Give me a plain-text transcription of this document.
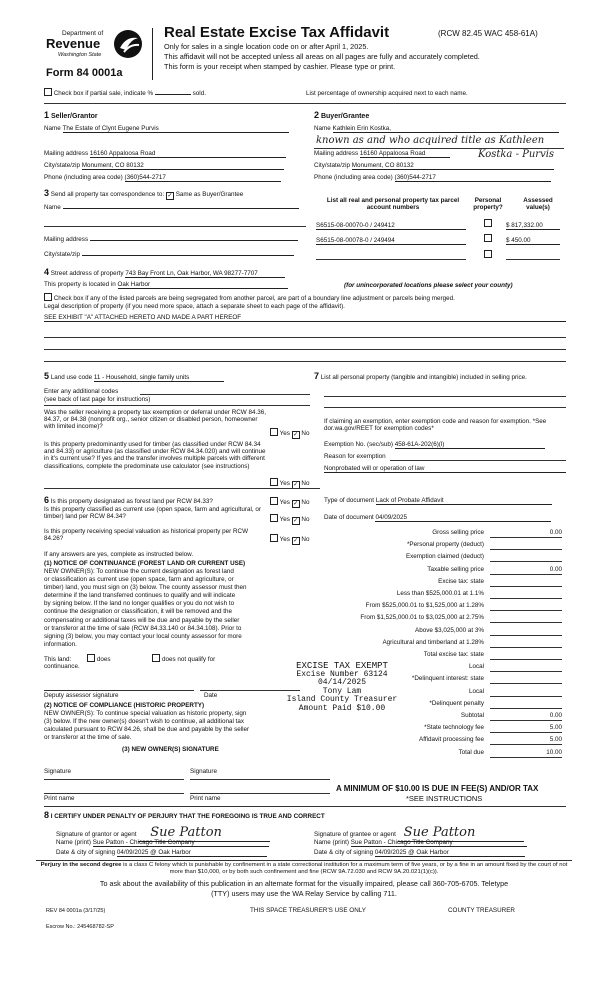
Department of
Revenue
Washington State
Form 84 0001a
Real Estate Excise Tax Affidavit	(RCW 82.45 WAC 458-61A)
Only for sales in a single location code on or after April 1, 2025.
This affidavit will not be accepted unless all areas on all pages are fully and accurately completed.
This form is your receipt when stamped by cashier. Please type or print.
Check box if partial sale, indicate %	sold.	List percentage of ownership acquired next to each name.
1 Seller/Grantor
Name The Estate of Clynt Eugene Purvis
Mailing address 16160 Appaloosa Road
City/state/zip Monument, CO 80132
Phone (including area code) (360)544-2717
2 Buyer/Grantee
Name Kathlein Erin Kostka,
known as and who acquired title as Kathleen
Mailing address 16160 Appaloosa Road	Kostka - Purvis
City/state/zip Monument, CO 80132
Phone (including area code) (360)544-2717
3 Send all property tax correspondence to: ✓ Same as Buyer/Grantee
Name
Mailing address
City/state/zip
List all real and personal property tax parcel account numbers
Personal property?
Assessed value(s)
S6515-08-00070-0 / 249412	$ 817,332.00
S6515-08-00078-0 / 249494	$ 450.00
4 Street address of property 743 Bay Front Ln, Oak Harbor, WA 98277-7707
This property is located in Oak Harbor	(for unincorporated locations please select your county)
Check box if any of the listed parcels are being segregated from another parcel, are part of a boundary line adjustment or parcels being merged.
Legal description of property (if you need more space, attach a separate sheet to each page of the affidavit).
SEE EXHIBIT "A" ATTACHED HERETO AND MADE A PART HEREOF
5 Land use code 11 - Household, single family units
Enter any additional codes
(see back of last page for instructions)
Was the seller receiving a property tax exemption or deferral under RCW 84.36, 84.37, or 84.38 (nonprofit org., senior citizen or disabled person, homeowner with limited income)?
Yes ✓ No
Is this property predominantly used for timber (as classified under RCW 84.34 and 84.33) or agriculture (as classified under RCW 84.34.020) and will continue in it's current use? If yes and the transfer involves multiple parcels with different classifications, complete the predominate use calculator (see instructions)
Yes ✓ No
7 List all personal property (tangible and intangible) included in selling price.
If claiming an exemption, enter exemption code and reason for exemption. *See dor.wa.gov/REET for exemption codes*
Exemption No. (sec/sub) 458-61A-202(6)(l)
Reason for exemption
Nonprobated will or operation of law
6 Is this property designated as forest land per RCW 84.33?	Yes ✓ No
Is this property classified as current use (open space, farm and agricultural, or timber) land per RCW 84.34?	Yes ✓ No
Is this property receiving special valuation as historical property per RCW 84.26?	Yes ✓ No
If any answers are yes, complete as instructed below.
(1) NOTICE OF CONTINUANCE (FOREST LAND OR CURRENT USE)
NEW OWNER(S): To continue the current designation as forest land
or classification as current use (open space, farm and agriculture, or
timber) land, you must sign on (3) below. The county assessor must then
determine if the land transferred continues to qualify and will indicate
by signing below. If the land no longer qualifies or you do not wish to
continue the designation or classification, it will be removed and the
compensating or additional taxes will be due and payable by the seller
or transferor at the time of sale (RCW 84.33.140 or 84.34.108). Prior to
signing (3) below, you may contact your local county assessor for more
information.
This land:	does	does not qualify for
continuance.
Deputy assessor signature	Date
(2) NOTICE OF COMPLIANCE (HISTORIC PROPERTY)
NEW OWNER(S): To continue special valuation as historic property, sign
(3) below. If the new owner(s) doesn't wish to continue, all additional tax
calculated pursuant to RCW 84.26, shall be due and payable by the seller
or transferor at the time of sale.
(3) NEW OWNER(S) SIGNATURE
Signature	Signature
Print name	Print name
Type of document Lack of Probate Affidavit
Date of document 04/09/2025
Gross selling price	0.00
*Personal property (deduct)
Exemption claimed (deduct)
Taxable selling price	0.00
Excise tax: state
Less than $525,000.01 at 1.1%
From $525,000.01 to $1,525,000 at 1.28%
From $1,525,000.01 to $3,025,000 at 2.75%
Above $3,025,000 at 3%
Agricultural and timberland at 1.28%
Total excise tax: state
Local
*Delinquent interest: state
Local
*Delinquent penalty
Subtotal	0.00
*State technology fee	5.00
Affidavit processing fee	5.00
Total due	10.00
EXCISE TAX EXEMPT
Excise Number 63124
04/14/2025
Tony Lam
Island County Treasurer
Amount Paid $10.00
A MINIMUM OF $10.00 IS DUE IN FEE(S) AND/OR TAX
*SEE INSTRUCTIONS
8 I CERTIFY UNDER PENALTY OF PERJURY THAT THE FOREGOING IS TRUE AND CORRECT
Signature of grantor or agent Sue Patton	Signature of grantee or agent Sue Patton
Name (print) Sue Patton - Chicago Title Company	Name (print) Sue Patton - Chicago Title Company
Date & city of signing 04/09/2025 @ Oak Harbor	Date & city of signing 04/09/2025 @ Oak Harbor
Perjury in the second degree is a class C felony which is punishable by confinement in a state correctional institution for a maximum term of five years, or by a fine in an amount fixed by the court of not more than $10,000, or by both such confinement and fine (RCW 9A.72.030 and RCW 9A.20.021(1)(c)).
To ask about the availability of this publication in an alternate format for the visually impaired, please call 360-705-6705. Teletype
(TTY) users may use the WA Relay Service by calling 711.
REV 84 0001a (3/17/25)	THIS SPACE TREASURER'S USE ONLY	COUNTY TREASURER
Escrow No.: 245468782-SP
